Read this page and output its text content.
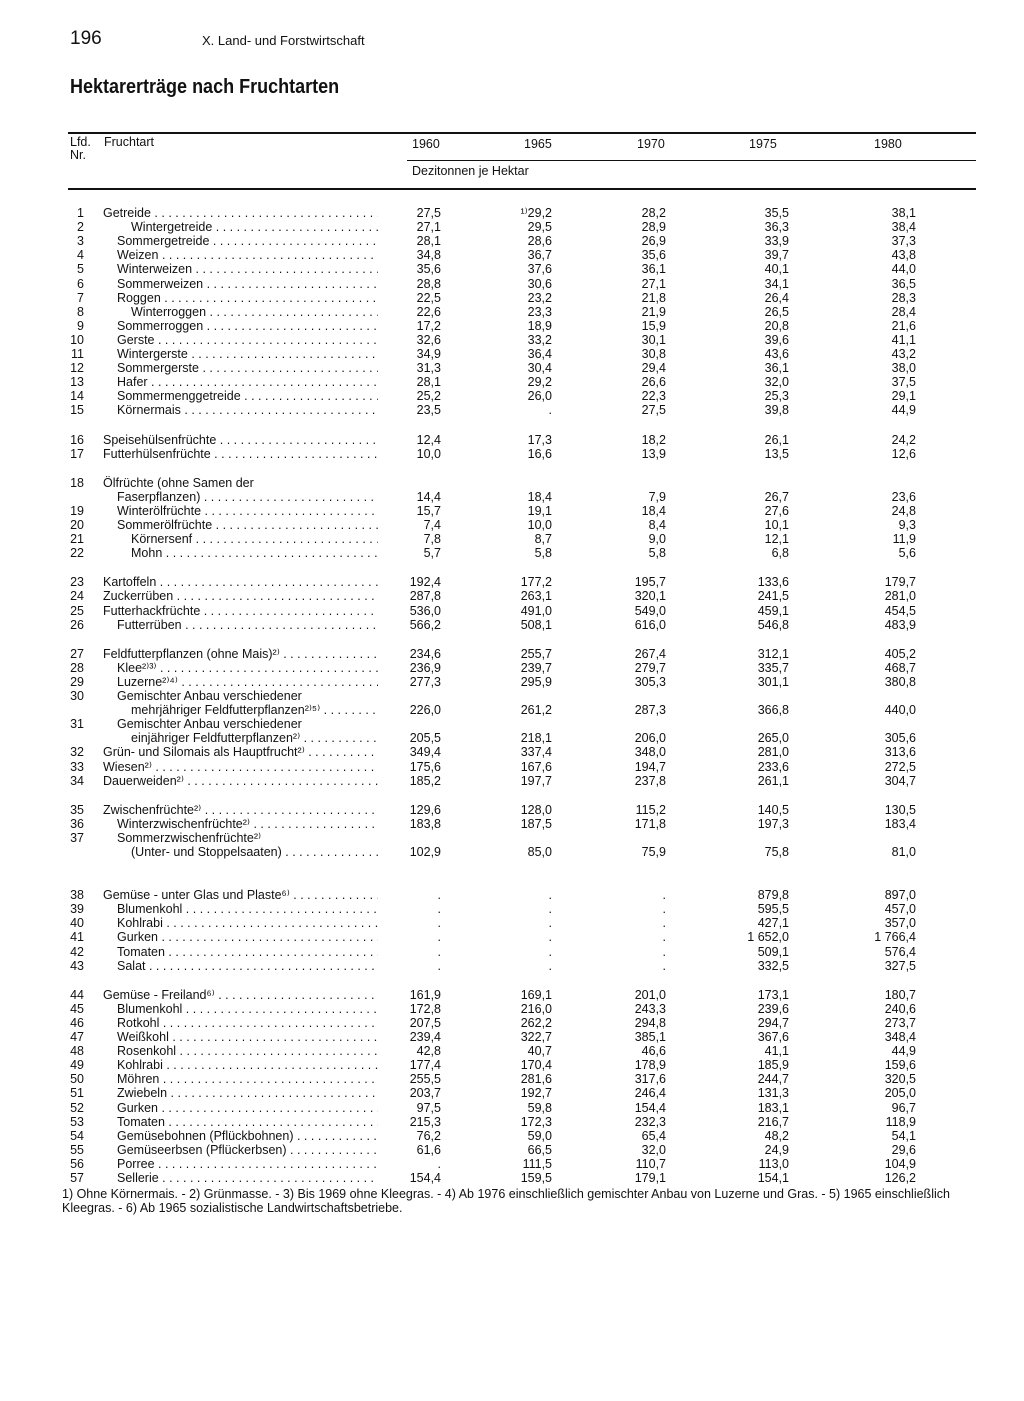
196	X. Land- und Forstwirtschaft
Hektarerträge nach Fruchtarten
Lfd.
Nr.
Fruchtart	1960	1965	1970	1975	1980
Dezitonnen je Hektar
1 Getreide . . .	27,5	¹⁾29,2	28,2	35,5	38,1
2	Wintergetreide . . .	27,1	29,5	28,9	36,3	38,4
3	Sommergetreide . . .	28,1	28,6	26,9	33,9	37,3
4	Weizen . . .	34,8	36,7	35,6	39,7	43,8
5	Winterweizen . . .	35,6	37,6	36,1	40,1	44,0
6	Sommerweizen . . .	28,8	30,6	27,1	34,1	36,5
7	Roggen . . .	22,5	23,2	21,8	26,4	28,3
8	Winterroggen . . .	22,6	23,3	21,9	26,5	28,4
9	Sommerroggen . . .	17,2	18,9	15,9	20,8	21,6
10	Gerste . . .	32,6	33,2	30,1	39,6	41,1
11	Wintergerste . . .	34,9	36,4	30,8	43,6	43,2
12	Sommergerste . . .	31,3	30,4	29,4	36,1	38,0
13	Hafer . . .	28,1	29,2	26,6	32,0	37,5
14	Sommermenggetreide . . .	25,2	26,0	22,3	25,3	29,1
15	Körnermais . . .	23,5	.	27,5	39,8	44,9
16 Speisehülsenfrüchte . . .	12,4	17,3	18,2	26,1	24,2
17 Futterhülsenfrüchte . . .	10,0	16,6	13,9	13,5	12,6
18 Ölfrüchte (ohne Samen der
Faserpflanzen) . . .	14,4	18,4	7,9	26,7	23,6
19	Winterölfrüchte . . .	15,7	19,1	18,4	27,6	24,8
20	Sommerölfrüchte . . .	7,4	10,0	8,4	10,1	9,3
21	Körnersenf . . .	7,8	8,7	9,0	12,1	11,9
22	Mohn . . .	5,7	5,8	5,8	6,8	5,6
23 Kartoffeln . . .	192,4	177,2	195,7	133,6	179,7
24 Zuckerrüben . . .	287,8	263,1	320,1	241,5	281,0
25 Futterhackfrüchte . . .	536,0	491,0	549,0	459,1	454,5
26	Futterrüben . . .	566,2	508,1	616,0	546,8	483,9
27 Feldfutterpflanzen (ohne Mais)²⁾ . . .	234,6	255,7	267,4	312,1	405,2
28	Klee²⁾³⁾ . . .	236,9	239,7	279,7	335,7	468,7
29	Luzerne²⁾⁴⁾ . . .	277,3	295,9	305,3	301,1	380,8
30	Gemischter Anbau verschiedener
mehrjähriger Feldfutterpflanzen²⁾⁵⁾ . . .	226,0	261,2	287,3	366,8	440,0
31	Gemischter Anbau verschiedener
einjähriger Feldfutterpflanzen²⁾ . . .	205,5	218,1	206,0	265,0	305,6
32 Grün- und Silomais als Hauptfrucht²⁾ . . .	349,4	337,4	348,0	281,0	313,6
33 Wiesen²⁾ . . .	175,6	167,6	194,7	233,6	272,5
34 Dauerweiden²⁾ . . .	185,2	197,7	237,8	261,1	304,7
35 Zwischenfrüchte²⁾ . . .	129,6	128,0	115,2	140,5	130,5
36	Winterzwischenfrüchte²⁾ . . .	183,8	187,5	171,8	197,3	183,4
37	Sommerzwischenfrüchte²⁾
(Unter- und Stoppelsaaten) . . .	102,9	85,0	75,9	75,8	81,0
38 Gemüse - unter Glas und Plaste⁶⁾ . . .	.	.	.	879,8	897,0
39	Blumenkohl . . .	.	.	.	595,5	457,0
40	Kohlrabi . . .	.	.	.	427,1	357,0
41	Gurken . . .	.	.	.	1 652,0	1 766,4
42	Tomaten . . .	.	.	.	509,1	576,4
43	Salat . . .	.	.	.	332,5	327,5
44 Gemüse - Freiland⁶⁾ . . .	161,9	169,1	201,0	173,1	180,7
45	Blumenkohl . . .	172,8	216,0	243,3	239,6	240,6
46	Rotkohl . . .	207,5	262,2	294,8	294,7	273,7
47	Weißkohl . . .	239,4	322,7	385,1	367,6	348,4
48	Rosenkohl . . .	42,8	40,7	46,6	41,1	44,9
49	Kohlrabi . . .	177,4	170,4	178,9	185,9	159,6
50	Möhren . . .	255,5	281,6	317,6	244,7	320,5
51	Zwiebeln . . .	203,7	192,7	246,4	131,3	205,0
52	Gurken . . .	97,5	59,8	154,4	183,1	96,7
53	Tomaten . . .	215,3	172,3	232,3	216,7	118,9
54	Gemüsebohnen (Pflückbohnen) . . .	76,2	59,0	65,4	48,2	54,1
55	Gemüseerbsen (Pflückerbsen) . . .	61,6	66,5	32,0	24,9	29,6
56	Porree . . .	.	111,5	110,7	113,0	104,9
57	Sellerie . . .	154,4	159,5	179,1	154,1	126,2
1) Ohne Körnermais. - 2) Grünmasse. - 3) Bis 1969 ohne Kleegras. - 4) Ab 1976 einschließlich gemischter Anbau von Luzerne und Gras. - 5) 1965 einschließlich Kleegras. - 6) Ab 1965 sozialistische Landwirtschaftsbetriebe.
